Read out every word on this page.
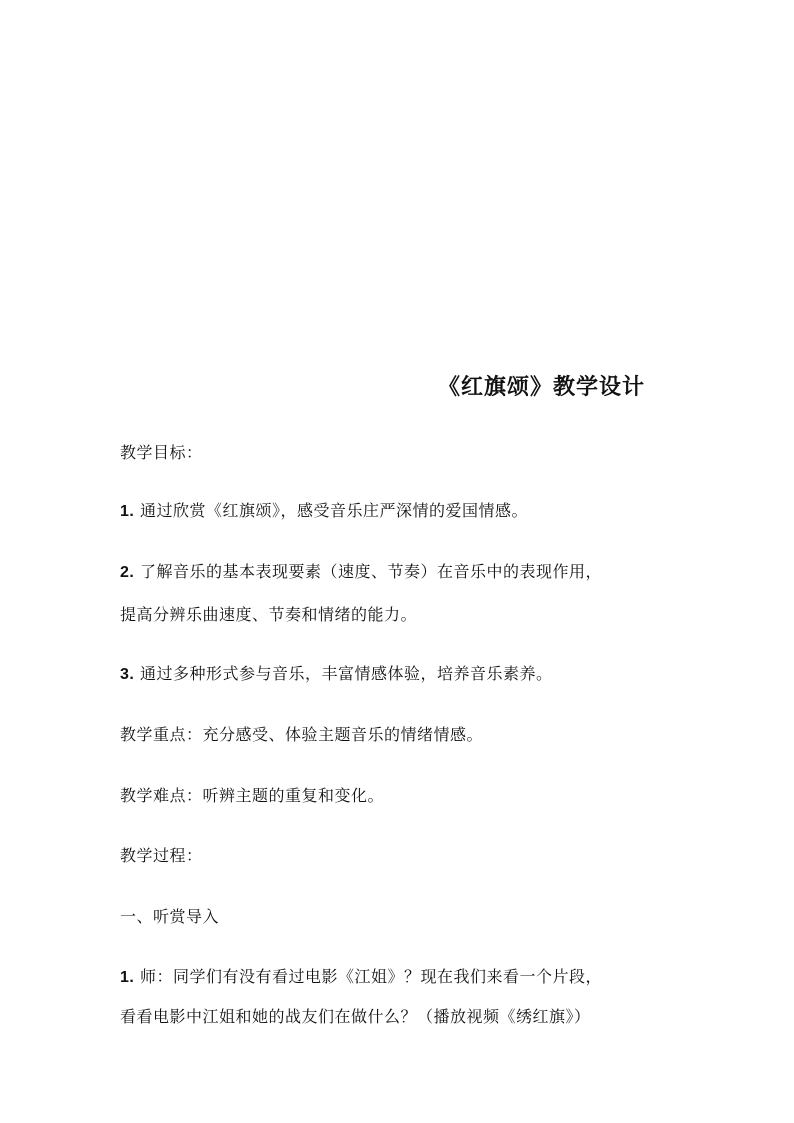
《红旗颂》教学设计
教学目标：
1. 通过欣赏《红旗颂》，感受音乐庄严深情的爱国情感。
2. 了解音乐的基本表现要素（速度、节奏）在音乐中的表现作用，
提高分辨乐曲速度、节奏和情绪的能力。
3. 通过多种形式参与音乐，丰富情感体验，培养音乐素养。
教学重点：充分感受、体验主题音乐的情绪情感。
教学难点：听辨主题的重复和变化。
教学过程：
一、听赏导入
1. 师：同学们有没有看过电影《江姐》？现在我们来看一个片段，
看看电影中江姐和她的战友们在做什么？（播放视频《绣红旗》）
